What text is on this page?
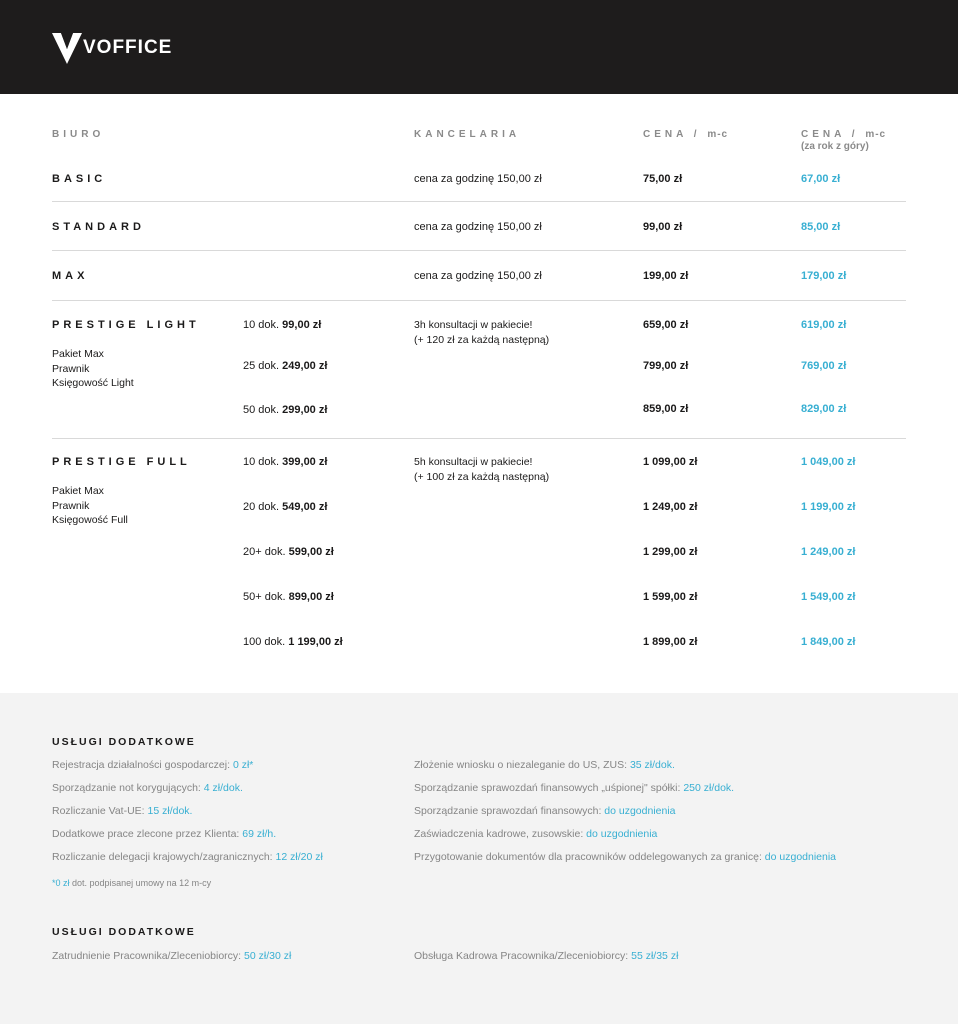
VOFFICE
BIURO	KANCELARIA	CENA / m-c	CENA / m-c
(za rok z góry)
BASIC	cena za godzinę 150,00 zł	75,00 zł	67,00 zł
STANDARD	cena za godzinę 150,00 zł	99,00 zł	85,00 zł
MAX	cena za godzinę 150,00 zł	199,00 zł	179,00 zł
PRESTIGE LIGHT
Pakiet Max
Prawnik
Księgowość Light
3h konsultacji w pakiecie!
(+ 120 zł za każdą następną)
10 dok. 99,00 zł	659,00 zł	619,00 zł
25 dok. 249,00 zł	799,00 zł	769,00 zł
50 dok. 299,00 zł	859,00 zł	829,00 zł
PRESTIGE FULL
Pakiet Max
Prawnik
Księgowość Full
5h konsultacji w pakiecie!
(+ 100 zł za każdą następną)
10 dok. 399,00 zł	1 099,00 zł	1 049,00 zł
20 dok. 549,00 zł	1 249,00 zł	1 199,00 zł
20+ dok. 599,00 zł	1 299,00 zł	1 249,00 zł
50+ dok. 899,00 zł	1 599,00 zł	1 549,00 zł
100 dok. 1 199,00 zł	1 899,00 zł	1 849,00 zł
USŁUGI DODATKOWE
Rejestracja działalności gospodarczej: 0 zł*
Sporządzanie not korygujących: 4 zł/dok.
Rozliczanie Vat-UE: 15 zł/dok.
Dodatkowe prace zlecone przez Klienta: 69 zł/h.
Rozliczanie delegacji krajowych/zagranicznych: 12 zł/20 zł
Złożenie wniosku o niezaleganie do US, ZUS: 35 zł/dok.
Sporządzanie sprawozdań finansowych „uśpionej" spółki: 250 zł/dok.
Sporządzanie sprawozdań finansowych: do uzgodnienia
Zaświadczenia kadrowe, zusowskie: do uzgodnienia
Przygotowanie dokumentów dla pracowników oddelegowanych za granicę: do uzgodnienia
*0 zł dot. podpisanej umowy na 12 m-cy
USŁUGI DODATKOWE
Zatrudnienie Pracownika/Zleceniobiorcy: 50 zł/30 zł	Obsługa Kadrowa Pracownika/Zleceniobiorcy: 55 zł/35 zł
